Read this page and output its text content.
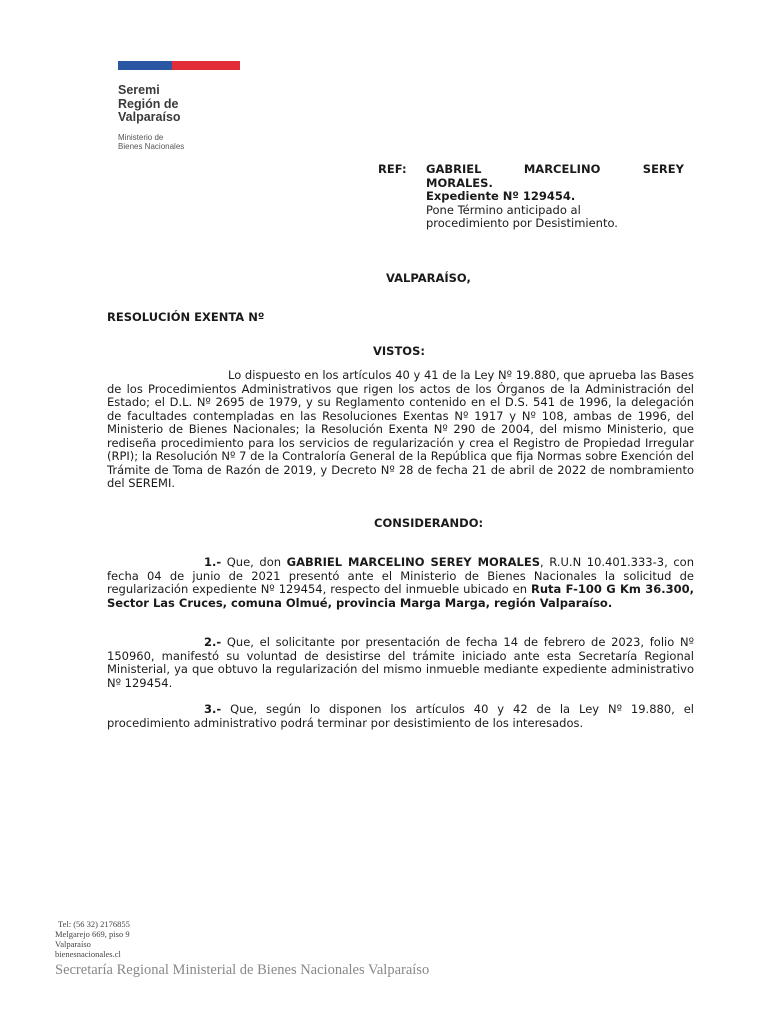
Seremi
Región de
Valparaíso
Ministerio de
Bienes Nacionales
REF: GABRIEL	MARCELINO	SEREY
MORALES.
Expediente Nº 129454.
Pone Término anticipado al
procedimiento por Desistimiento.
VALPARAÍSO,
RESOLUCIÓN EXENTA Nº
VISTOS:
Lo dispuesto en los artículos 40 y 41 de la Ley Nº 19.880, que aprueba las Bases de los Procedimientos Administrativos que rigen los actos de los Órganos de la Administración del Estado; el D.L. Nº 2695 de 1979, y su Reglamento contenido en el D.S. 541 de 1996, la delegación de facultades contempladas en las Resoluciones Exentas Nº 1917 y Nº 108, ambas de 1996, del Ministerio de Bienes Nacionales; la Resolución Exenta Nº 290 de 2004, del mismo Ministerio, que rediseña procedimiento para los servicios de regularización y crea el Registro de Propiedad Irregular (RPI); la Resolución Nº 7 de la Contraloría General de la República que fija Normas sobre Exención del Trámite de Toma de Razón de 2019, y Decreto Nº 28 de fecha 21 de abril de 2022 de nombramiento del SEREMI.
CONSIDERANDO:
1.- Que, don GABRIEL MARCELINO SEREY MORALES, R.U.N 10.401.333-3, con fecha 04 de junio de 2021 presentó ante el Ministerio de Bienes Nacionales la solicitud de regularización expediente Nº 129454, respecto del inmueble ubicado en Ruta F-100 G Km 36.300, Sector Las Cruces, comuna Olmué, provincia Marga Marga, región Valparaíso.
2.- Que, el solicitante por presentación de fecha 14 de febrero de 2023, folio Nº 150960, manifestó su voluntad de desistirse del trámite iniciado ante esta Secretaría Regional Ministerial, ya que obtuvo la regularización del mismo inmueble mediante expediente administrativo Nº 129454.
3.- Que, según lo disponen los artículos 40 y 42 de la Ley Nº 19.880, el procedimiento administrativo podrá terminar por desistimiento de los interesados.
Tel: (56 32) 2176855
Melgarejo 669, piso 9
Valparaíso
bienesnacionales.cl
Secretaría Regional Ministerial de Bienes Nacionales Valparaíso
